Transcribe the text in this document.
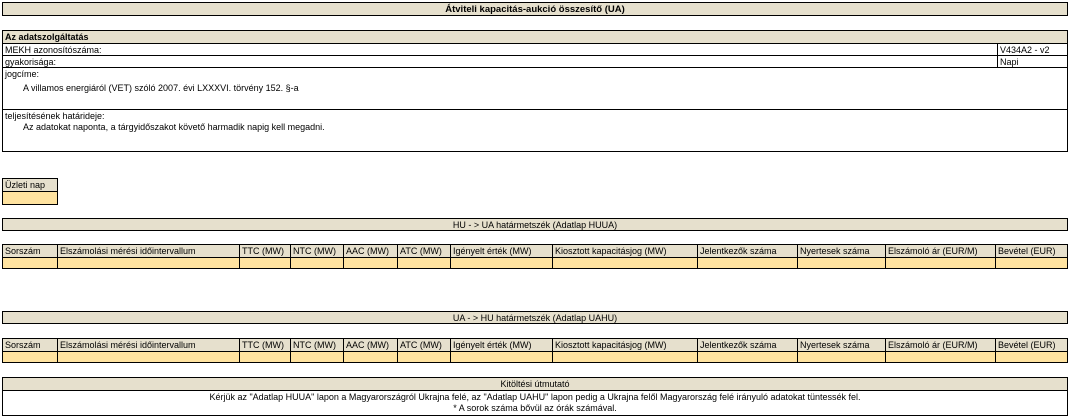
Átviteli kapacitás-aukció összesítő (UA)
Az adatszolgáltatás
MEKH azonosítószáma:	V434A2 - v2
gyakorisága:	Napi
jogcíme:
A villamos energiáról (VET) szóló 2007. évi LXXXVI. törvény 152. §-a
teljesítésének határideje:
Az adatokat naponta, a tárgyidőszakot követő harmadik napig kell megadni.
Üzleti nap
HU - > UA határmetszék (Adatlap HUUA)
Sorszám	Elszámolási mérési időintervallum	TTC (MW)	NTC (MW)	AAC (MW)	ATC (MW)	Igényelt érték (MW)	Kiosztott kapacitásjog (MW)	Jelentkezők száma	Nyertesek száma	Elszámoló ár (EUR/M)	Bevétel (EUR)
UA - > HU határmetszék (Adatlap UAHU)
Sorszám	Elszámolási mérési időintervallum	TTC (MW)	NTC (MW)	AAC (MW)	ATC (MW)	Igényelt érték (MW)	Kiosztott kapacitásjog (MW)	Jelentkezők száma	Nyertesek száma	Elszámoló ár (EUR/M)	Bevétel (EUR)
Kitöltési útmutató
Kérjük az "Adatlap HUUA" lapon a Magyarországról Ukrajna felé, az "Adatlap UAHU" lapon pedig a Ukrajna felől Magyarország felé irányuló adatokat tüntessék fel.
* A sorok száma bővül az órák számával.
